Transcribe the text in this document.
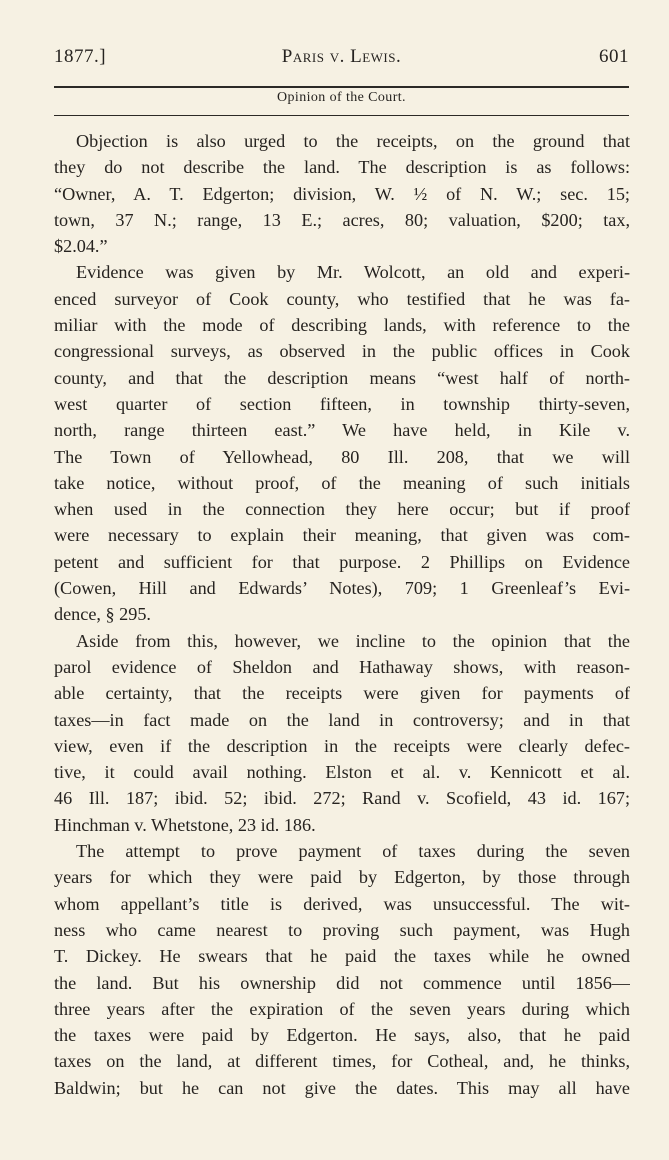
1877.]	Paris v. Lewis.	601
Opinion of the Court.
Objection is also urged to the receipts, on the ground that
they do not describe the land. The description is as follows:
“Owner, A. T. Edgerton; division, W. ½ of N. W.; sec. 15;
town, 37 N.; range, 13 E.; acres, 80; valuation, $200; tax,
$2.04.”
Evidence was given by Mr. Wolcott, an old and experi-
enced surveyor of Cook county, who testified that he was fa-
miliar with the mode of describing lands, with reference to the
congressional surveys, as observed in the public offices in Cook
county, and that the description means “west half of north-
west quarter of section fifteen, in township thirty-seven,
north, range thirteen east.” We have held, in Kile v.
The Town of Yellowhead, 80 Ill. 208, that we will
take notice, without proof, of the meaning of such initials
when used in the connection they here occur; but if proof
were necessary to explain their meaning, that given was com-
petent and sufficient for that purpose. 2 Phillips on Evidence
(Cowen, Hill and Edwards’ Notes), 709; 1 Greenleaf’s Evi-
dence, § 295.
Aside from this, however, we incline to the opinion that the
parol evidence of Sheldon and Hathaway shows, with reason-
able certainty, that the receipts were given for payments of
taxes—in fact made on the land in controversy; and in that
view, even if the description in the receipts were clearly defec-
tive, it could avail nothing. Elston et al. v. Kennicott et al.
46 Ill. 187; ibid. 52; ibid. 272; Rand v. Scofield, 43 id. 167;
Hinchman v. Whetstone, 23 id. 186.
The attempt to prove payment of taxes during the seven
years for which they were paid by Edgerton, by those through
whom appellant’s title is derived, was unsuccessful. The wit-
ness who came nearest to proving such payment, was Hugh
T. Dickey. He swears that he paid the taxes while he owned
the land. But his ownership did not commence until 1856—
three years after the expiration of the seven years during which
the taxes were paid by Edgerton. He says, also, that he paid
taxes on the land, at different times, for Cotheal, and, he thinks,
Baldwin; but he can not give the dates. This may all have
